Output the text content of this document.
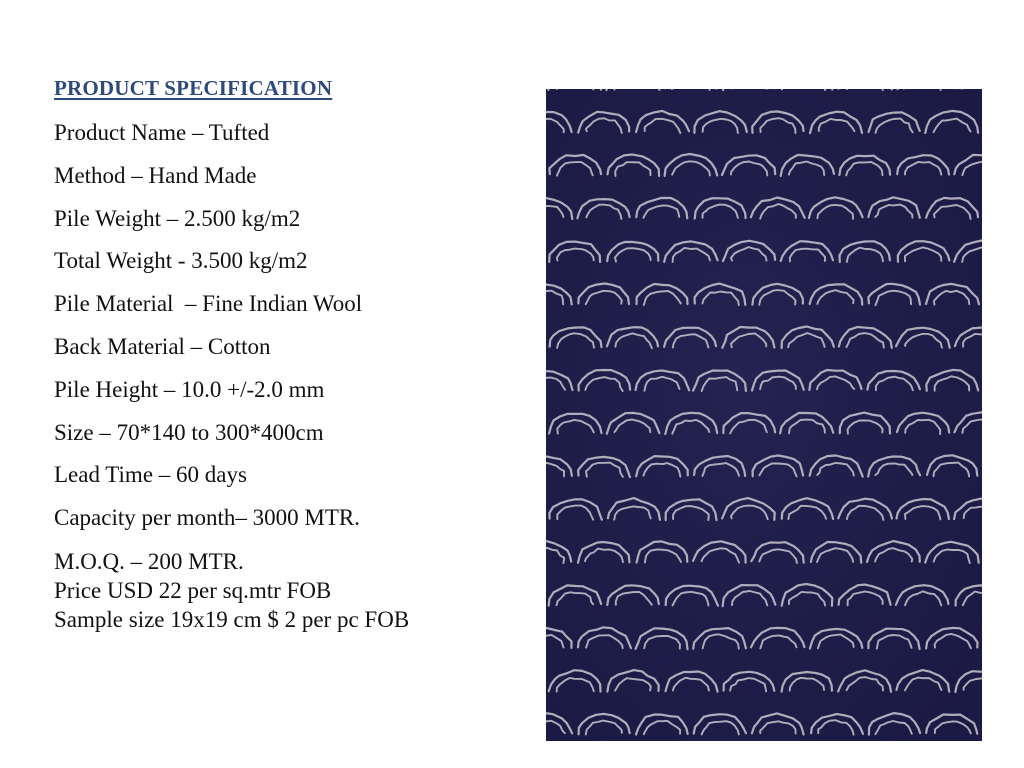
PRODUCT SPECIFICATION
Product Name – Tufted
Method – Hand Made
Pile Weight – 2.500 kg/m2
Total Weight - 3.500 kg/m2
Pile Material  – Fine Indian Wool
Back Material – Cotton
Pile Height – 10.0 +/-2.0 mm
Size – 70*140 to 300*400cm
Lead Time – 60 days
Capacity per month– 3000 MTR.
M.O.Q. – 200 MTR.
Price USD 22 per sq.mtr FOB
Sample size 19x19 cm $ 2 per pc FOB
